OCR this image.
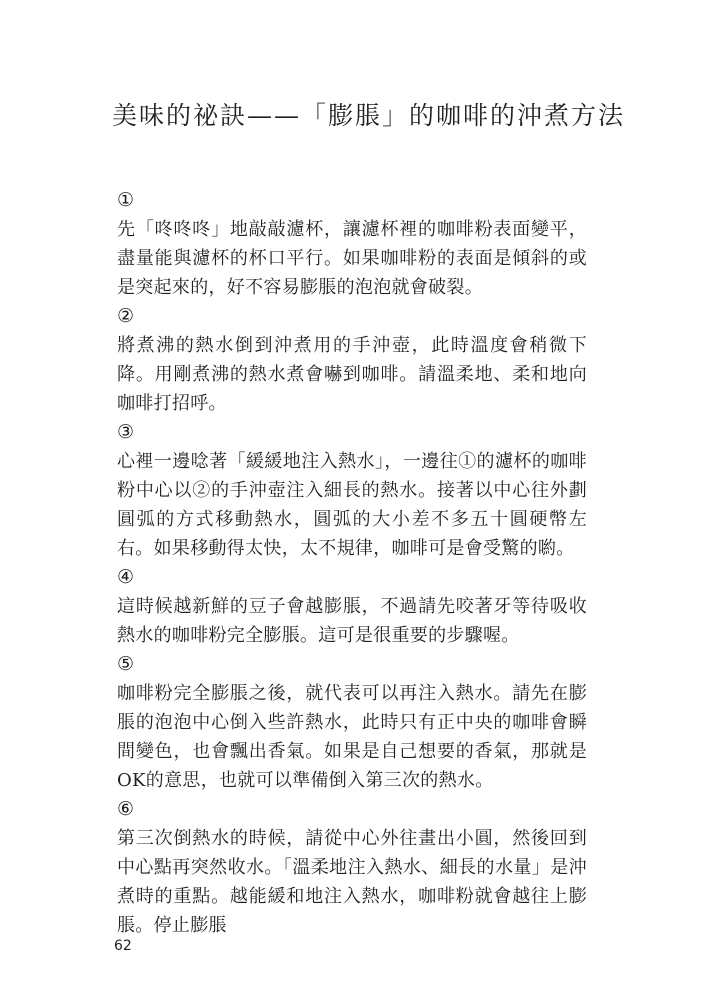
美味的祕訣——「膨脹」的咖啡的沖煮方法
①
先「咚咚咚」地敲敲濾杯，讓濾杯裡的咖啡粉表面變平，盡量能與濾杯的杯口平行。如果咖啡粉的表面是傾斜的或是突起來的，好不容易膨脹的泡泡就會破裂。
②
將煮沸的熱水倒到沖煮用的手沖壺，此時溫度會稍微下降。用剛煮沸的熱水煮會嚇到咖啡。請溫柔地、柔和地向咖啡打招呼。
③
心裡一邊唸著「緩緩地注入熱水」，一邊往①的濾杯的咖啡粉中心以②的手沖壺注入細長的熱水。接著以中心往外劃圓弧的方式移動熱水，圓弧的大小差不多五十圓硬幣左右。如果移動得太快，太不規律，咖啡可是會受驚的喲。
④
這時候越新鮮的豆子會越膨脹，不過請先咬著牙等待吸收熱水的咖啡粉完全膨脹。這可是很重要的步驟喔。
⑤
咖啡粉完全膨脹之後，就代表可以再注入熱水。請先在膨脹的泡泡中心倒入些許熱水，此時只有正中央的咖啡會瞬間變色，也會飄出香氣。如果是自己想要的香氣，那就是OK的意思，也就可以準備倒入第三次的熱水。
⑥
第三次倒熱水的時候，請從中心外往畫出小圓，然後回到中心點再突然收水。「溫柔地注入熱水、細長的水量」是沖煮時的重點。越能緩和地注入熱水，咖啡粉就會越往上膨脹。停止膨脹
62
